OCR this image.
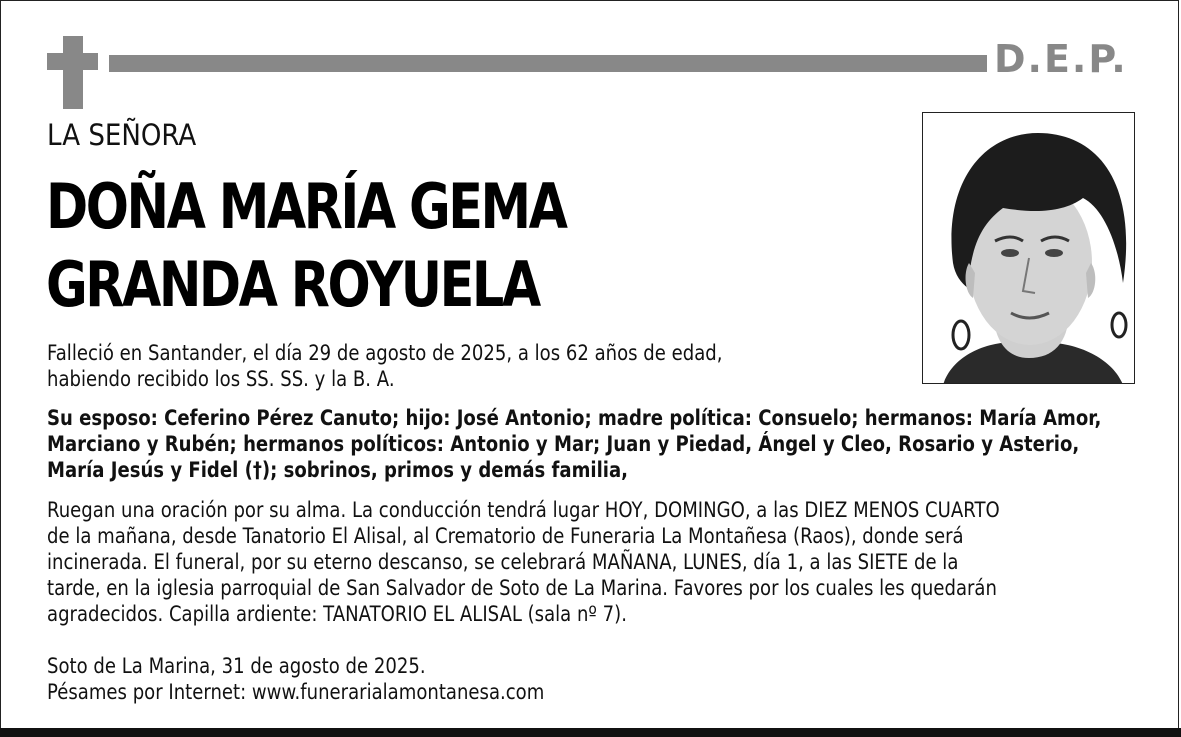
D.E.P.
LA SEÑORA
DOÑA MARÍA GEMA
GRANDA ROYUELA
Falleció en Santander, el día 29 de agosto de 2025, a los 62 años de edad,
habiendo recibido los SS. SS. y la B. A.
Su esposo: Ceferino Pérez Canuto; hijo: José Antonio; madre política: Consuelo; hermanos: María Amor,
Marciano y Rubén; hermanos políticos: Antonio y Mar; Juan y Piedad, Ángel y Cleo, Rosario y Asterio,
María Jesús y Fidel (†); sobrinos, primos y demás familia,
Ruegan una oración por su alma. La conducción tendrá lugar HOY, DOMINGO, a las DIEZ MENOS CUARTO
de la mañana, desde Tanatorio El Alisal, al Crematorio de Funeraria La Montañesa (Raos), donde será
incinerada. El funeral, por su eterno descanso, se celebrará MAÑANA, LUNES, día 1, a las SIETE de la
tarde, en la iglesia parroquial de San Salvador de Soto de La Marina. Favores por los cuales les quedarán
agradecidos. Capilla ardiente: TANATORIO EL ALISAL (sala nº 7).
Soto de La Marina, 31 de agosto de 2025.
Pésames por Internet: www.funerarialamontanesa.com
